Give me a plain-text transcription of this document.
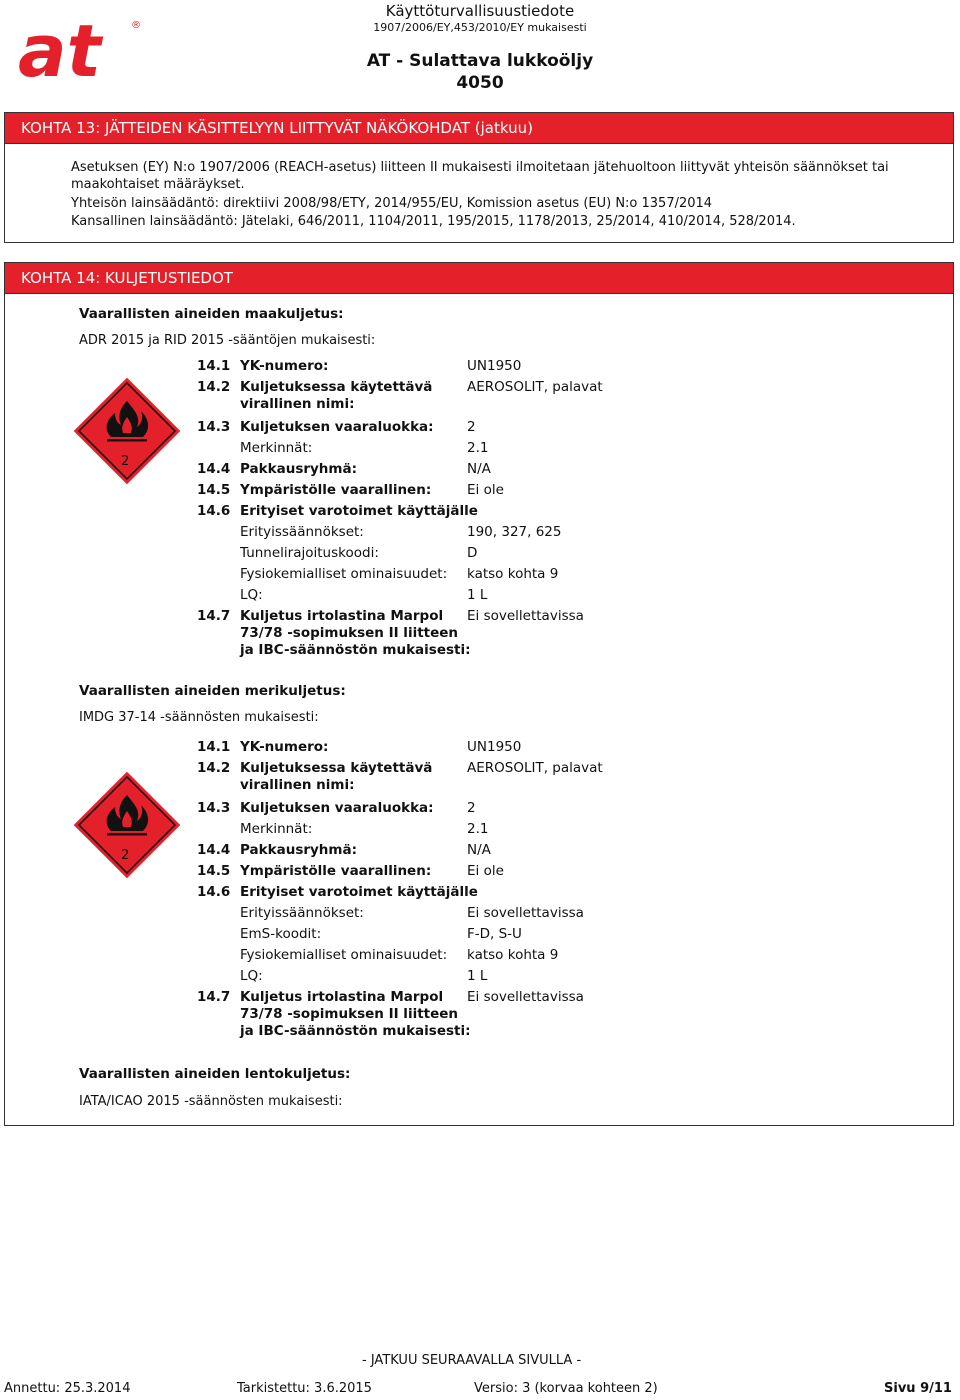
at	®
Käyttöturvallisuustiedote
1907/2006/EY,453/2010/EY mukaisesti
AT - Sulattava lukkoöljy
4050
KOHTA 13: JÄTTEIDEN KÄSITTELYYN LIITTYVÄT NÄKÖKOHDAT (jatkuu)
Asetuksen (EY) N:o 1907/2006 (REACH-asetus) liitteen II mukaisesti ilmoitetaan jätehuoltoon liittyvät yhteisön säännökset tai
maakohtaiset määräykset.
Yhteisön lainsäädäntö: direktiivi 2008/98/ETY, 2014/955/EU, Komission asetus (EU) N:o 1357/2014
Kansallinen lainsäädäntö: Jätelaki, 646/2011, 1104/2011, 195/2015, 1178/2013, 25/2014, 410/2014, 528/2014.
KOHTA 14: KULJETUSTIEDOT
Vaarallisten aineiden maakuljetus:
ADR 2015 ja RID 2015 -sääntöjen mukaisesti:
2
14.1 YK-numero:	UN1950
14.2 Kuljetuksessa käytettävä
virallinen nimi:
AEROSOLIT, palavat
14.3 Kuljetuksen vaaraluokka: 2
Merkinnät:	2.1
14.4 Pakkausryhmä:	N/A
14.5 Ympäristölle vaarallinen:	Ei ole
14.6 Erityiset varotoimet käyttäjälle
Erityissäännökset:	190, 327, 625
Tunnelirajoituskoodi:	D
Fysiokemialliset ominaisuudet: katso kohta 9
LQ:	1 L
14.7 Kuljetus irtolastina Marpol
73/78 -sopimuksen II liitteen
ja IBC-säännöstön mukaisesti:
Ei sovellettavissa
Vaarallisten aineiden merikuljetus:
IMDG 37-14 -säännösten mukaisesti:
2
14.1 YK-numero:	UN1950
14.2 Kuljetuksessa käytettävä
virallinen nimi:
AEROSOLIT, palavat
14.3 Kuljetuksen vaaraluokka: 2
Merkinnät:	2.1
14.4 Pakkausryhmä:	N/A
14.5 Ympäristölle vaarallinen:	Ei ole
14.6 Erityiset varotoimet käyttäjälle
Erityissäännökset:	Ei sovellettavissa
EmS-koodit:	F-D, S-U
Fysiokemialliset ominaisuudet: katso kohta 9
LQ:	1 L
14.7 Kuljetus irtolastina Marpol
73/78 -sopimuksen II liitteen
ja IBC-säännöstön mukaisesti:
Ei sovellettavissa
Vaarallisten aineiden lentokuljetus:
IATA/ICAO 2015 -säännösten mukaisesti:
- JATKUU SEURAAVALLA SIVULLA -
Annettu: 25.3.2014	Tarkistettu: 3.6.2015	Versio: 3 (korvaa kohteen 2)	Sivu 9/11
